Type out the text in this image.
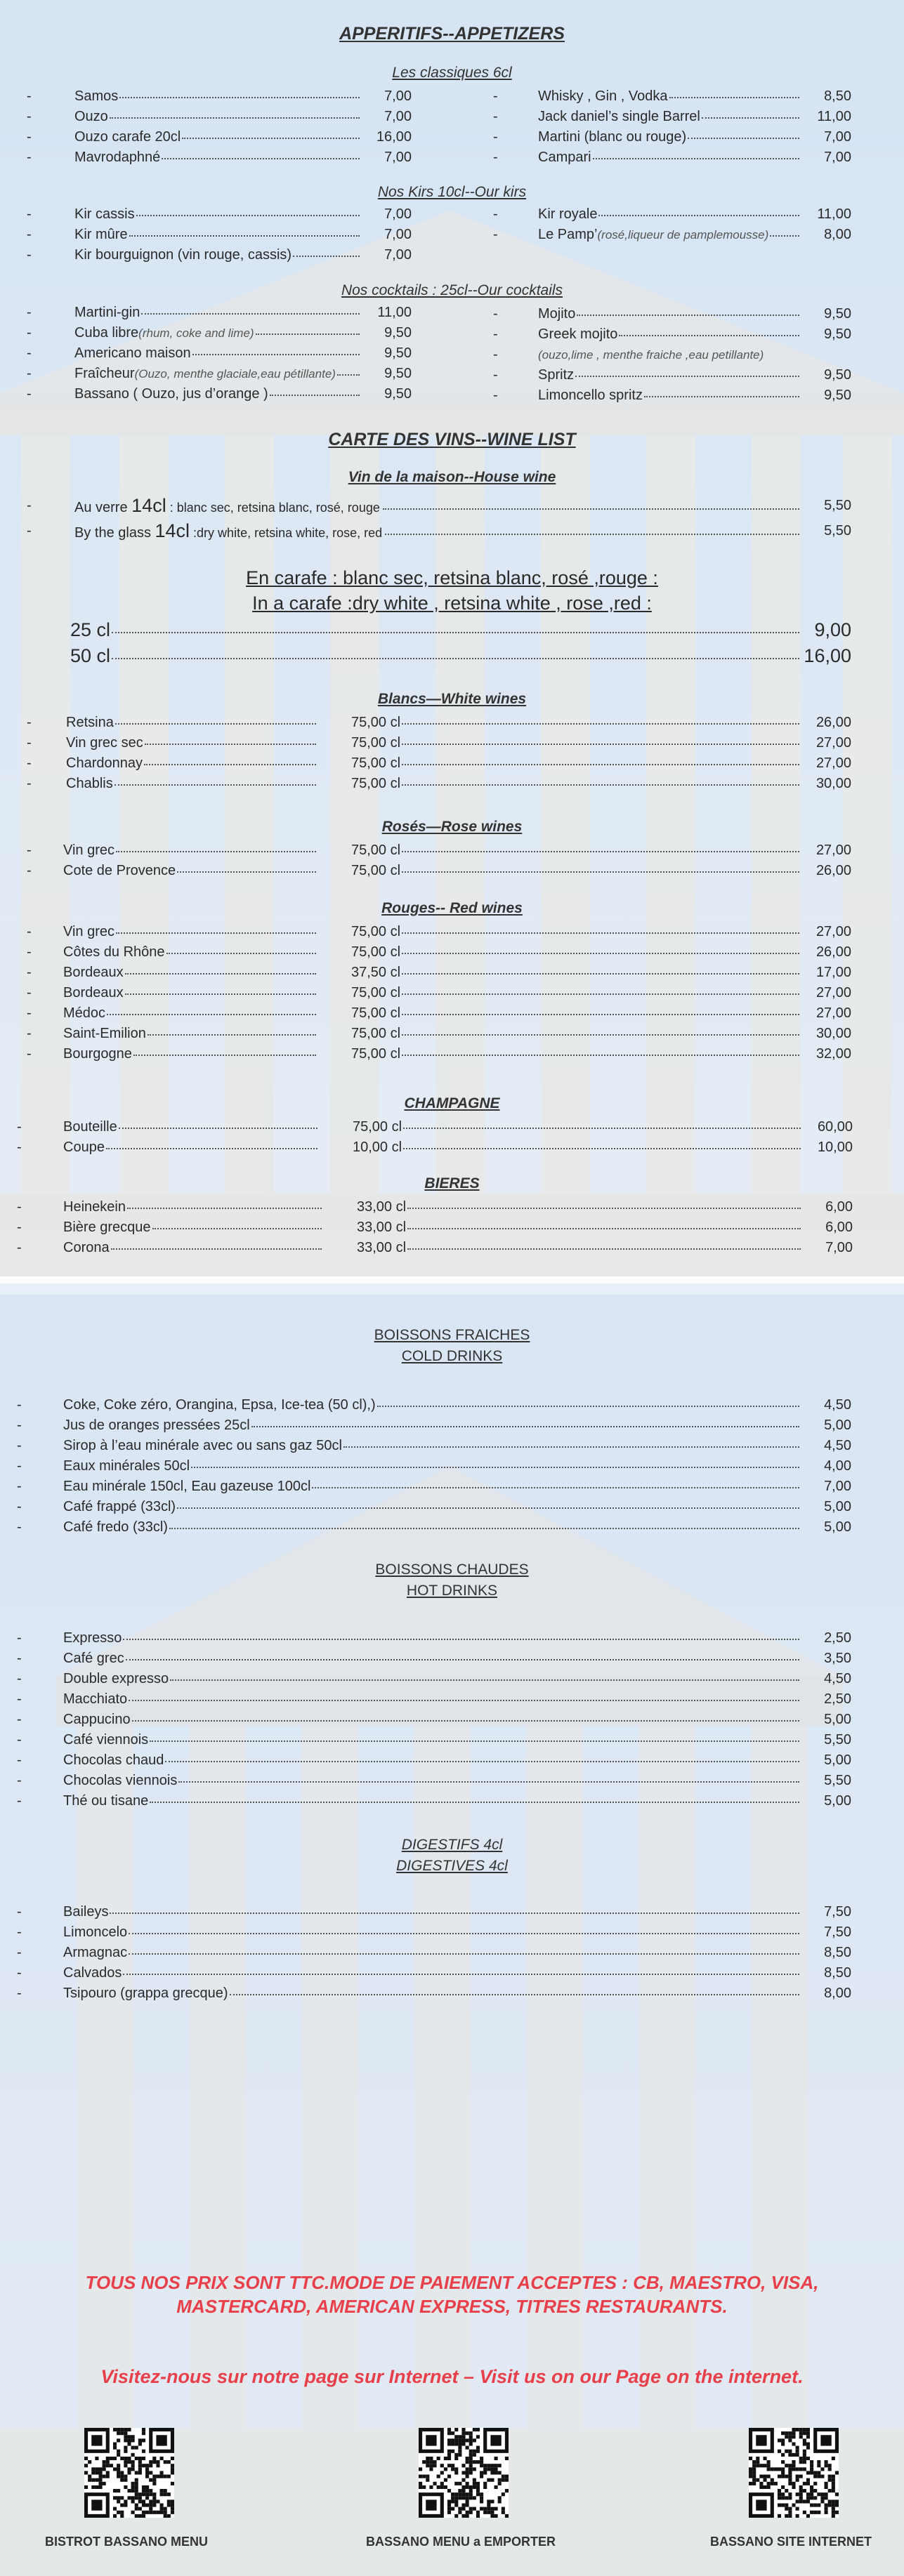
APPERITIFS--APPETIZERS
Les classiques 6cl
-	Samos	7,00
-	Ouzo	7,00
-	Ouzo carafe 20cl	16,00
-	Mavrodaphné	7,00
-	Whisky , Gin , Vodka	8,50
-	Jack daniel’s single Barrel	11,00
-	Martini (blanc ou rouge)	7,00
-	Campari	7,00
Nos Kirs 10cl--Our kirs
-	Kir cassis	7,00
-	Kir mûre	7,00
-	Kir bourguignon (vin rouge, cassis)	7,00
-	Kir royale	11,00
-	Le Pamp’(rosé,liqueur de pamplemousse)	8,00
Nos cocktails : 25cl--Our cocktails
-	Martini-gin	11,00
-	Cuba libre(rhum, coke and lime)	9,50
-	Americano maison	9,50
-	Fraîcheur(Ouzo, menthe glaciale,eau pétillante)	9,50
-	Bassano ( Ouzo, jus d’orange )	9,50
-	Mojito	9,50
-	Greek mojito	9,50
-	(ouzo,lime , menthe fraiche ,eau petillante)
-	Spritz	9,50
-	Limoncello spritz	9,50
CARTE DES VINS--WINE LIST
Vin de la maison--House wine
-	Au verre 14cl : blanc sec, retsina blanc, rosé, rouge	5,50
-	By the glass 14cl :dry white, retsina white, rose, red	5,50
En carafe : blanc sec, retsina blanc, rosé ,rouge :
In a carafe :dry white , retsina white , rose ,red :
25 cl	9,00
50 cl	16,00
Blancs—White wines
- Retsina	75,00 cl	26,00
- Vin grec sec	75,00 cl	27,00
- Chardonnay	75,00 cl	27,00
- Chablis	75,00 cl	30,00
Rosés—Rose wines
- Vin grec	75,00 cl	27,00
- Cote de Provence	75,00 cl	26,00
Rouges-- Red wines
- Vin grec	75,00 cl	27,00
- Côtes du Rhône	75,00 cl	26,00
- Bordeaux	37,50 cl	17,00
- Bordeaux	75,00 cl	27,00
- Médoc	75,00 cl	27,00
- Saint-Emilion	75,00 cl	30,00
- Bourgogne	75,00 cl	32,00
CHAMPAGNE
-	Bouteille	75,00 cl	60,00
-	Coupe	10,00 cl	10,00
BIERES
-	Heinekein	33,00 cl	6,00
-	Bière grecque	33,00 cl	6,00
-	Corona	33,00 cl	7,00
BOISSONS FRAICHES
COLD DRINKS
-	Coke, Coke zéro, Orangina, Epsa, Ice-tea (50 cl),)	4,50
-	Jus de oranges pressées 25cl	5,00
-	Sirop à l’eau minérale avec ou sans gaz 50cl	4,50
-	Eaux minérales 50cl	4,00
-	Eau minérale 150cl, Eau gazeuse 100cl	7,00
-	Café frappé (33cl)	5,00
-	Café fredo (33cl)	5,00
BOISSONS CHAUDES
HOT DRINKS
-	Expresso	2,50
-	Café grec	3,50
-	Double expresso	4,50
-	Macchiato	2,50
-	Cappucino	5,00
-	Café viennois	5,50
-	Chocolas chaud	5,00
-	Chocolas viennois	5,50
-	Thé ou tisane	5,00
DIGESTIFS 4cl
DIGESTIVES 4cl
-	Baileys	7,50
-	Limoncelo	7,50
-	Armagnac	8,50
-	Calvados	8,50
-	Tsipouro (grappa grecque)	8,00
TOUS NOS PRIX SONT TTC.MODE DE PAIEMENT ACCEPTES : CB, MAESTRO, VISA,
MASTERCARD, AMERICAN EXPRESS, TITRES RESTAURANTS.
Visitez-nous sur notre page sur Internet – Visit us on our Page on the internet.
BISTROT BASSANO MENU	BASSANO MENU a EMPORTER	BASSANO SITE INTERNET
